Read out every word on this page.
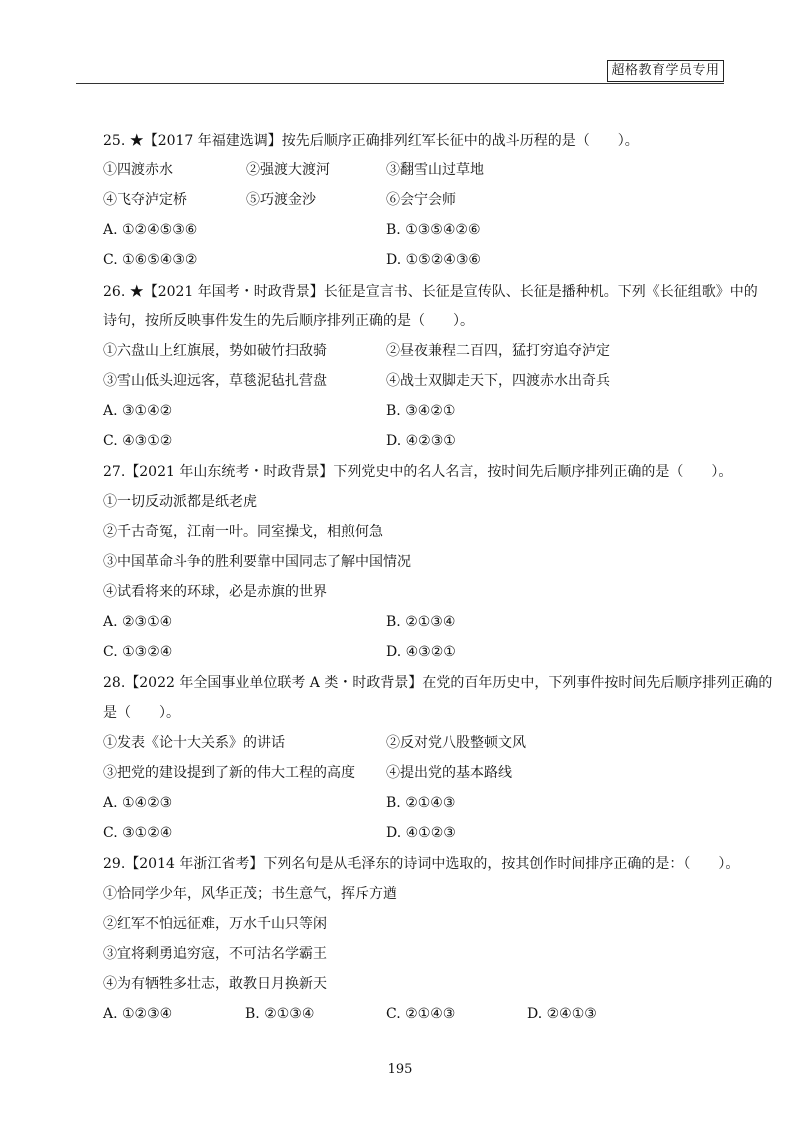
超格教育学员专用
25. ★【2017 年福建选调】按先后顺序正确排列红军长征中的战斗历程的是（　　）。
①四渡赤水	②强渡大渡河	③翻雪山过草地
④飞夺泸定桥	⑤巧渡金沙	⑥会宁会师
A. ①②④⑤③⑥	B. ①③⑤④②⑥
C. ①⑥⑤④③②	D. ①⑤②④③⑥
26. ★【2021 年国考・时政背景】长征是宣言书、长征是宣传队、长征是播种机。下列《长征组歌》中的
诗句，按所反映事件发生的先后顺序排列正确的是（　　）。
①六盘山上红旗展，势如破竹扫敌骑	②昼夜兼程二百四，猛打穷追夺泸定
③雪山低头迎远客，草毯泥毡扎营盘	④战士双脚走天下，四渡赤水出奇兵
A. ③①④②	B. ③④②①
C. ④③①②	D. ④②③①
27.【2021 年山东统考・时政背景】下列党史中的名人名言，按时间先后顺序排列正确的是（　　）。
①一切反动派都是纸老虎
②千古奇冤，江南一叶。同室操戈，相煎何急
③中国革命斗争的胜利要靠中国同志了解中国情况
④试看将来的环球，必是赤旗的世界
A. ②③①④	B. ②①③④
C. ①③②④	D. ④③②①
28.【2022 年全国事业单位联考 A 类・时政背景】在党的百年历史中，下列事件按时间先后顺序排列正确的
是（　　）。
①发表《论十大关系》的讲话	②反对党八股整顿文风
③把党的建设提到了新的伟大工程的高度 ④提出党的基本路线
A. ①④②③	B. ②①④③
C. ③①②④	D. ④①②③
29.【2014 年浙江省考】下列名句是从毛泽东的诗词中选取的，按其创作时间排序正确的是：（　　）。
①恰同学少年，风华正茂；书生意气，挥斥方遒
②红军不怕远征难，万水千山只等闲
③宜将剩勇追穷寇，不可沽名学霸王
④为有牺牲多壮志，敢教日月换新天
A. ①②③④	B. ②①③④	C. ②①④③	D. ②④①③
195
